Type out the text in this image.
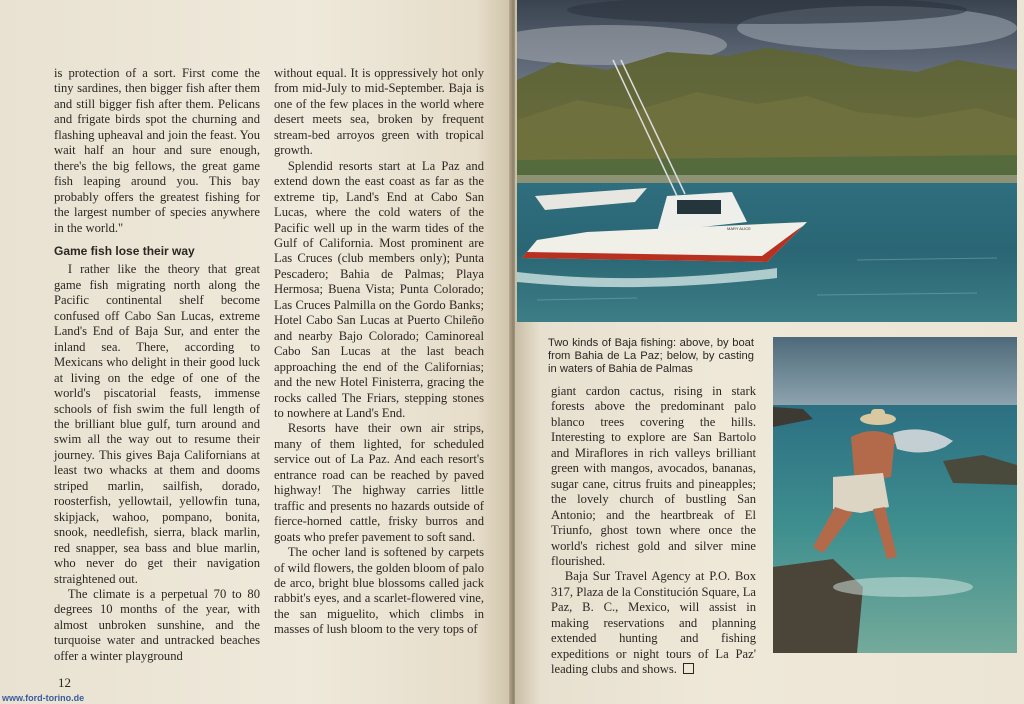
is protection of a sort. First come the tiny sardines, then bigger fish after them and still bigger fish after them. Pelicans and frigate birds spot the churning and flashing upheaval and join the feast. You wait half an hour and sure enough, there's the big fellows, the great game fish leaping around you. This bay probably offers the greatest fishing for the largest number of species anywhere in the world."

Game fish lose their way

I rather like the theory that great game fish migrating north along the Pacific continental shelf become confused off Cabo San Lucas, extreme Land's End of Baja Sur, and enter the inland sea. There, according to Mexicans who delight in their good luck at living on the edge of one of the world's piscatorial feasts, immense schools of fish swim the full length of the brilliant blue gulf, turn around and swim all the way out to resume their journey. This gives Baja Californians at least two whacks at them and dooms striped marlin, sailfish, dorado, roosterfish, yellowtail, yellowfin tuna, skipjack, wahoo, pompano, bonita, snook, needlefish, sierra, black marlin, red snapper, sea bass and blue marlin, who never do get their navigation straightened out.

The climate is a perpetual 70 to 80 degrees 10 months of the year, with almost unbroken sunshine, and the turquoise water and untracked beaches offer a winter playground

without equal. It is oppressively hot only from mid-July to mid-September. Baja is one of the few places in the world where desert meets sea, broken by frequent stream-bed arroyos green with tropical growth.

Splendid resorts start at La Paz and extend down the east coast as far as the extreme tip, Land's End at Cabo San Lucas, where the cold waters of the Pacific well up in the warm tides of the Gulf of California. Most prominent are Las Cruces (club members only); Punta Pescadero; Bahia de Palmas; Playa Hermosa; Buena Vista; Punta Colorado; Las Cruces Palmilla on the Gordo Banks; Hotel Cabo San Lucas at Puerto Chileño and nearby Bajo Colorado; Caminoreal Cabo San Lucas at the last beach approaching the end of the Californias; and the new Hotel Finisterra, gracing the rocks called The Friars, stepping stones to nowhere at Land's End.

Resorts have their own air strips, many of them lighted, for scheduled service out of La Paz. And each resort's entrance road can be reached by paved highway! The highway carries little traffic and presents no hazards outside of fierce-horned cattle, frisky burros and goats who prefer pavement to soft sand.

The ocher land is softened by carpets of wild flowers, the golden bloom of palo de arco, bright blue blossoms called jack rabbit's eyes, and a scarlet-flowered vine, the san miguelito, which climbs in masses of lush bloom to the very tops of

12
www.ford-torino.de
MARY ALICE
Two kinds of Baja fishing: above, by boat from Bahia de La Paz; below, by casting in waters of Bahia de Palmas

giant cardon cactus, rising in stark forests above the predominant palo blanco trees covering the hills. Interesting to explore are San Bartolo and Miraflores in rich valleys brilliant green with mangos, avocados, bananas, sugar cane, citrus fruits and pineapples; the lovely church of bustling San Antonio; and the heartbreak of El Triunfo, ghost town where once the world's richest gold and silver mine flourished.

Baja Sur Travel Agency at P.O. Box 317, Plaza de la Constitución Square, La Paz, B. C., Mexico, will assist in making reservations and planning extended hunting and fishing expeditions or night tours of La Paz' leading clubs and shows.
